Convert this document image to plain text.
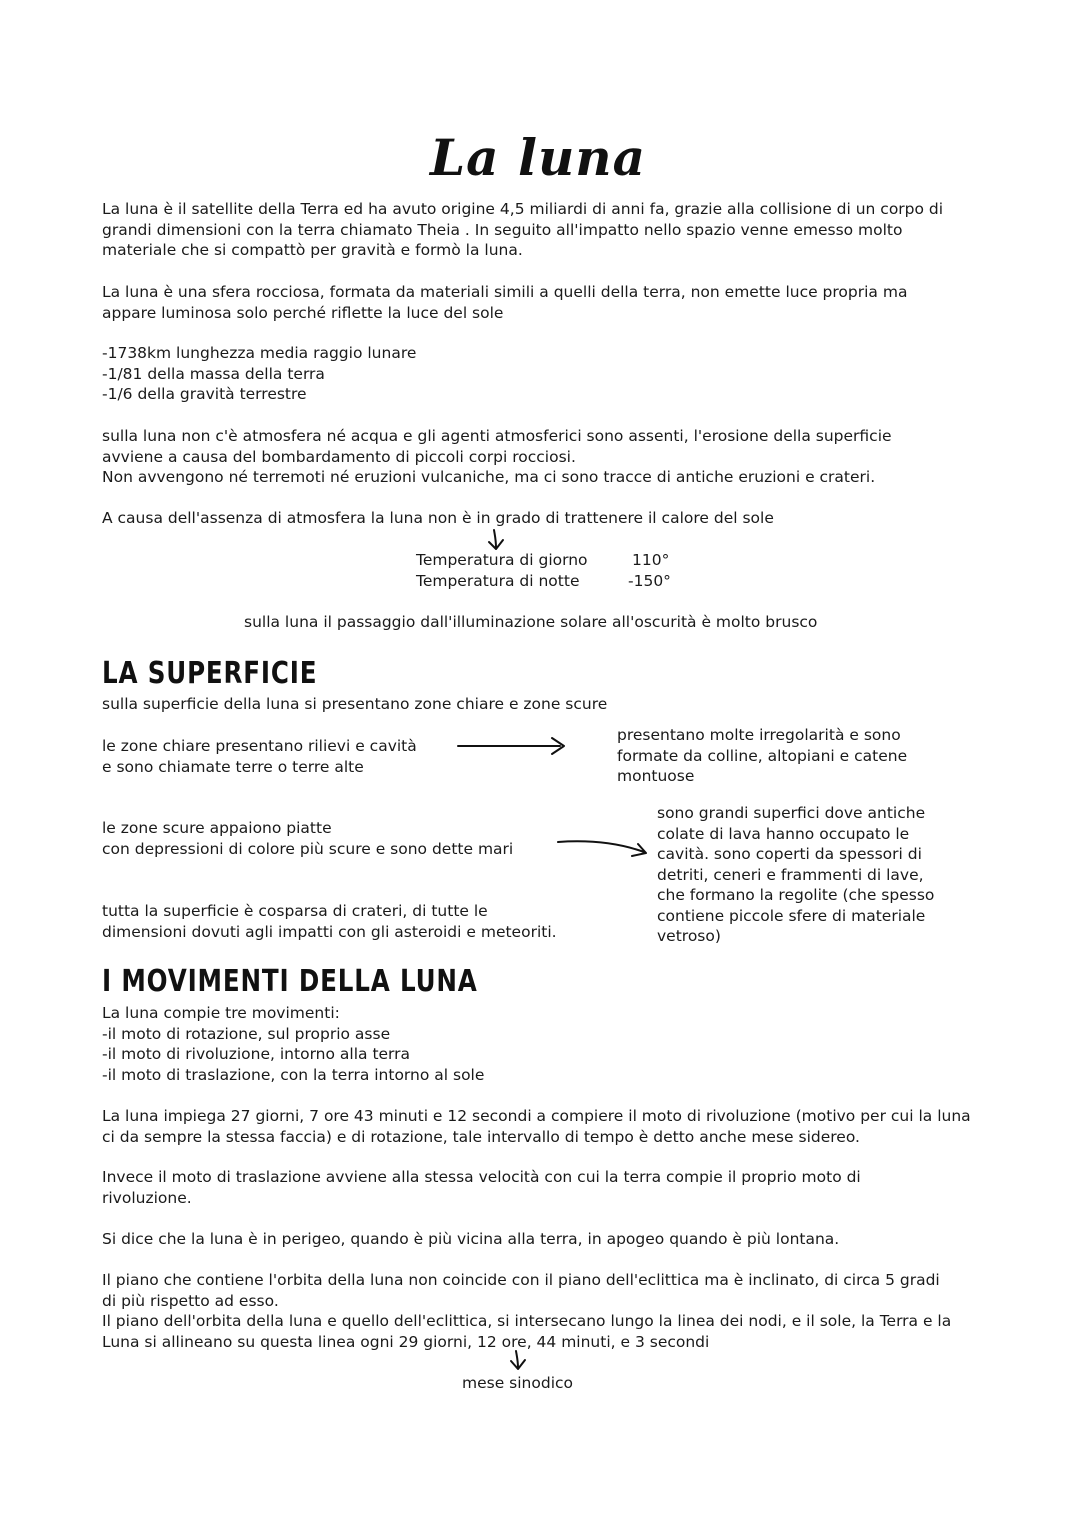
La luna
La luna è il satellite della Terra ed ha avuto origine 4,5 miliardi di anni fa, grazie alla collisione di un corpo di
grandi dimensioni con la terra chiamato Theia . In seguito all'impatto nello spazio venne emesso molto
materiale che si compattò per gravità e formò la luna.
La luna è una sfera rocciosa, formata da materiali simili a quelli della terra, non emette luce propria ma
appare luminosa solo perché riflette la luce del sole
-1738km lunghezza media raggio lunare
-1/81 della massa della terra
-1/6 della gravità terrestre
sulla luna non c'è atmosfera né acqua e gli agenti atmosferici sono assenti, l'erosione della superficie
avviene a causa del bombardamento di piccoli corpi rocciosi.
Non avvengono né terremoti né eruzioni vulcaniche, ma ci sono tracce di antiche eruzioni e crateri.
A causa dell'assenza di atmosfera la luna non è in grado di trattenere il calore del sole
Temperatura di giorno
Temperatura di notte
110°
-150°
sulla luna il passaggio dall'illuminazione solare all'oscurità è molto brusco
LA SUPERFICIE
sulla superficie della luna si presentano zone chiare e zone scure
le zone chiare presentano rilievi e cavità
e sono chiamate terre o terre alte
presentano molte irregolarità e sono
formate da colline, altopiani e catene
montuose
le zone scure appaiono piatte
con depressioni di colore più scure e sono dette mari
sono grandi superfici dove antiche
colate di lava hanno occupato le
cavità. sono coperti da spessori di
detriti, ceneri e frammenti di lave,
che formano la regolite (che spesso
contiene piccole sfere di materiale
vetroso)
tutta la superficie è cosparsa di crateri, di tutte le
dimensioni dovuti agli impatti con gli asteroidi e meteoriti.
I MOVIMENTI DELLA LUNA
La luna compie tre movimenti:
-il moto di rotazione, sul proprio asse
-il moto di rivoluzione, intorno alla terra
-il moto di traslazione, con la terra intorno al sole
La luna impiega 27 giorni, 7 ore 43 minuti e 12 secondi a compiere il moto di rivoluzione (motivo per cui la luna
ci da sempre la stessa faccia) e di rotazione, tale intervallo di tempo è detto anche mese sidereo.
Invece il moto di traslazione avviene alla stessa velocità con cui la terra compie il proprio moto di
rivoluzione.
Si dice che la luna è in perigeo, quando è più vicina alla terra, in apogeo quando è più lontana.
Il piano che contiene l'orbita della luna non coincide con il piano dell'eclittica ma è inclinato, di circa 5 gradi
di più rispetto ad esso.
Il piano dell'orbita della luna e quello dell'eclittica, si intersecano lungo la linea dei nodi, e il sole, la Terra e la
Luna si allineano su questa linea ogni 29 giorni, 12 ore, 44 minuti, e 3 secondi
mese sinodico
